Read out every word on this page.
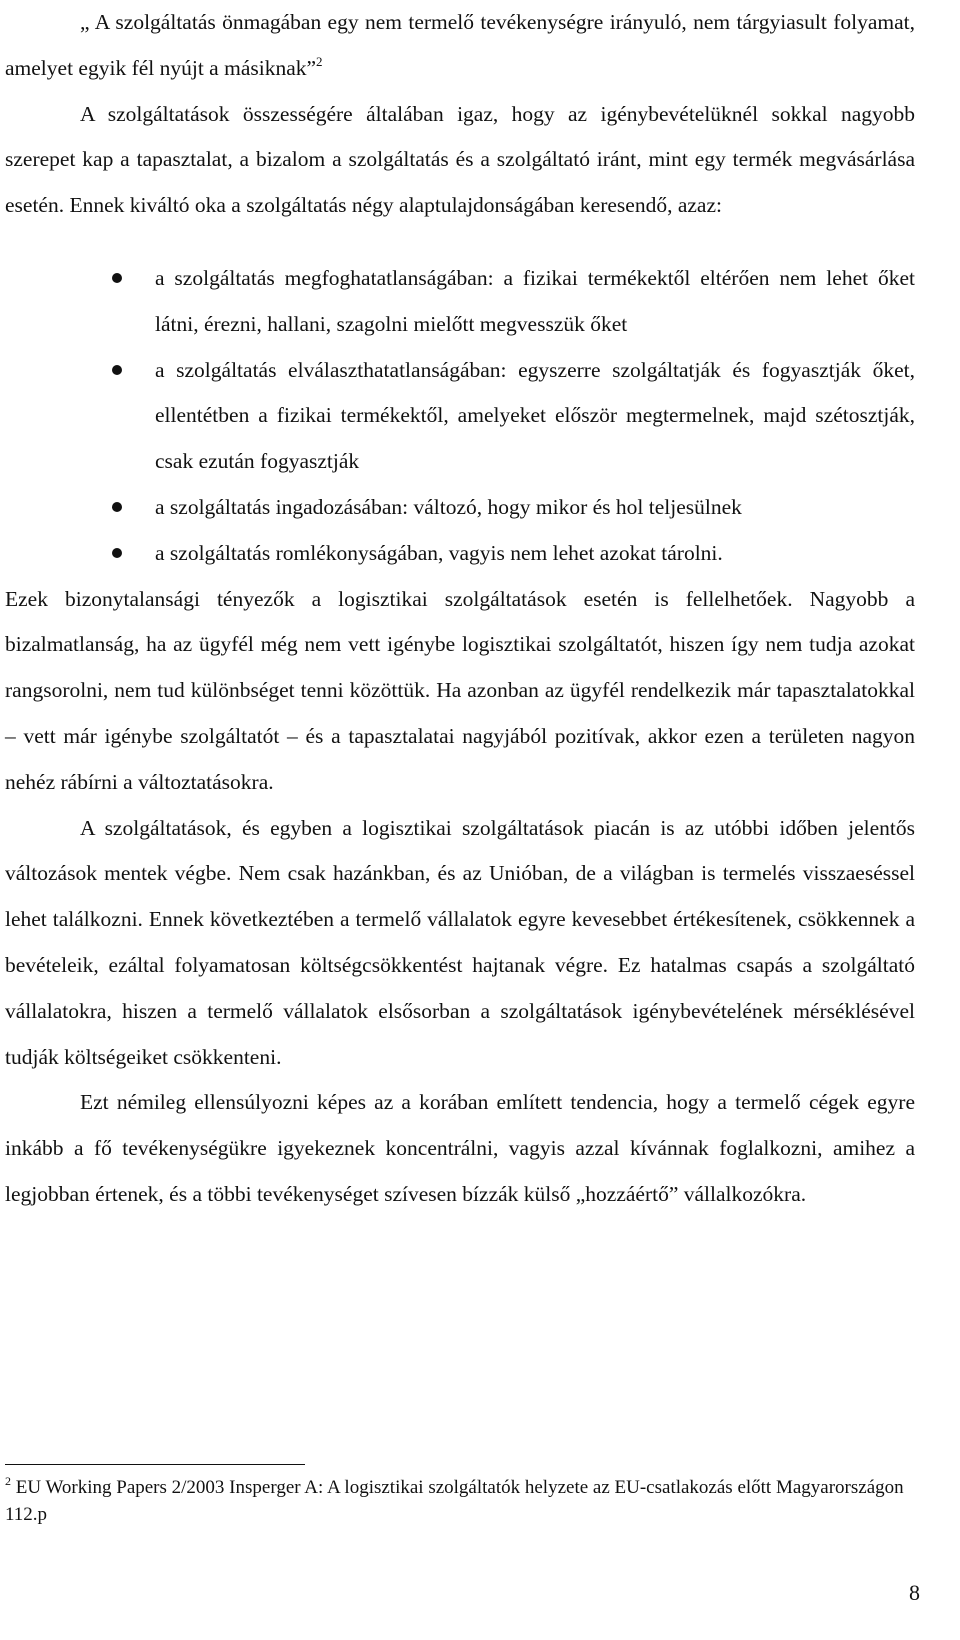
„ A szolgáltatás önmagában egy nem termelő tevékenységre irányuló, nem tárgyiasult folyamat, amelyet egyik fél nyújt a másiknak”$^2$

A szolgáltatások összességére általában igaz, hogy az igénybevételüknél sokkal nagyobb szerepet kap a tapasztalat, a bizalom a szolgáltatás és a szolgáltató iránt, mint egy termék megvásárlása esetén. Ennek kiváltó oka a szolgáltatás négy alaptulajdonságában keresendő, azaz:

a szolgáltatás megfoghatatlanságában: a fizikai termékektől eltérően nem lehet őket látni, érezni, hallani, szagolni mielőtt megvesszük őket
a szolgáltatás elválaszthatatlanságában: egyszerre szolgáltatják és fogyasztják őket, ellentétben a fizikai termékektől, amelyeket először megtermelnek, majd szétosztják, csak ezután fogyasztják
a szolgáltatás ingadozásában: változó, hogy mikor és hol teljesülnek
a szolgáltatás romlékonyságában, vagyis nem lehet azokat tárolni.

Ezek bizonytalansági tényezők a logisztikai szolgáltatások esetén is fellelhetőek. Nagyobb a bizalmatlanság, ha az ügyfél még nem vett igénybe logisztikai szolgáltatót, hiszen így nem tudja azokat rangsorolni, nem tud különbséget tenni közöttük. Ha azonban az ügyfél rendelkezik már tapasztalatokkal – vett már igénybe szolgáltatót – és a tapasztalatai nagyjából pozitívak, akkor ezen a területen nagyon nehéz rábírni a változtatásokra.

A szolgáltatások, és egyben a logisztikai szolgáltatások piacán is az utóbbi időben jelentős változások mentek végbe. Nem csak hazánkban, és az Unióban, de a világban is termelés visszaeséssel lehet találkozni. Ennek következtében a termelő vállalatok egyre kevesebbet értékesítenek, csökkennek a bevételeik, ezáltal folyamatosan költségcsökkentést hajtanak végre. Ez hatalmas csapás a szolgáltató vállalatokra, hiszen a termelő vállalatok elsősorban a szolgáltatások igénybevételének mérséklésével tudják költségeiket csökkenteni.

Ezt némileg ellensúlyozni képes az a korában említett tendencia, hogy a termelő cégek egyre inkább a fő tevékenységükre igyekeznek koncentrálni, vagyis azzal kívánnak foglalkozni, amihez a legjobban értenek, és a többi tevékenységet szívesen bízzák külső „hozzáértő” vállalkozókra.

$^2$ EU Working Papers 2/2003 Insperger A: A logisztikai szolgáltatók helyzete az EU-csatlakozás előtt Magyarországon 112.p
8
